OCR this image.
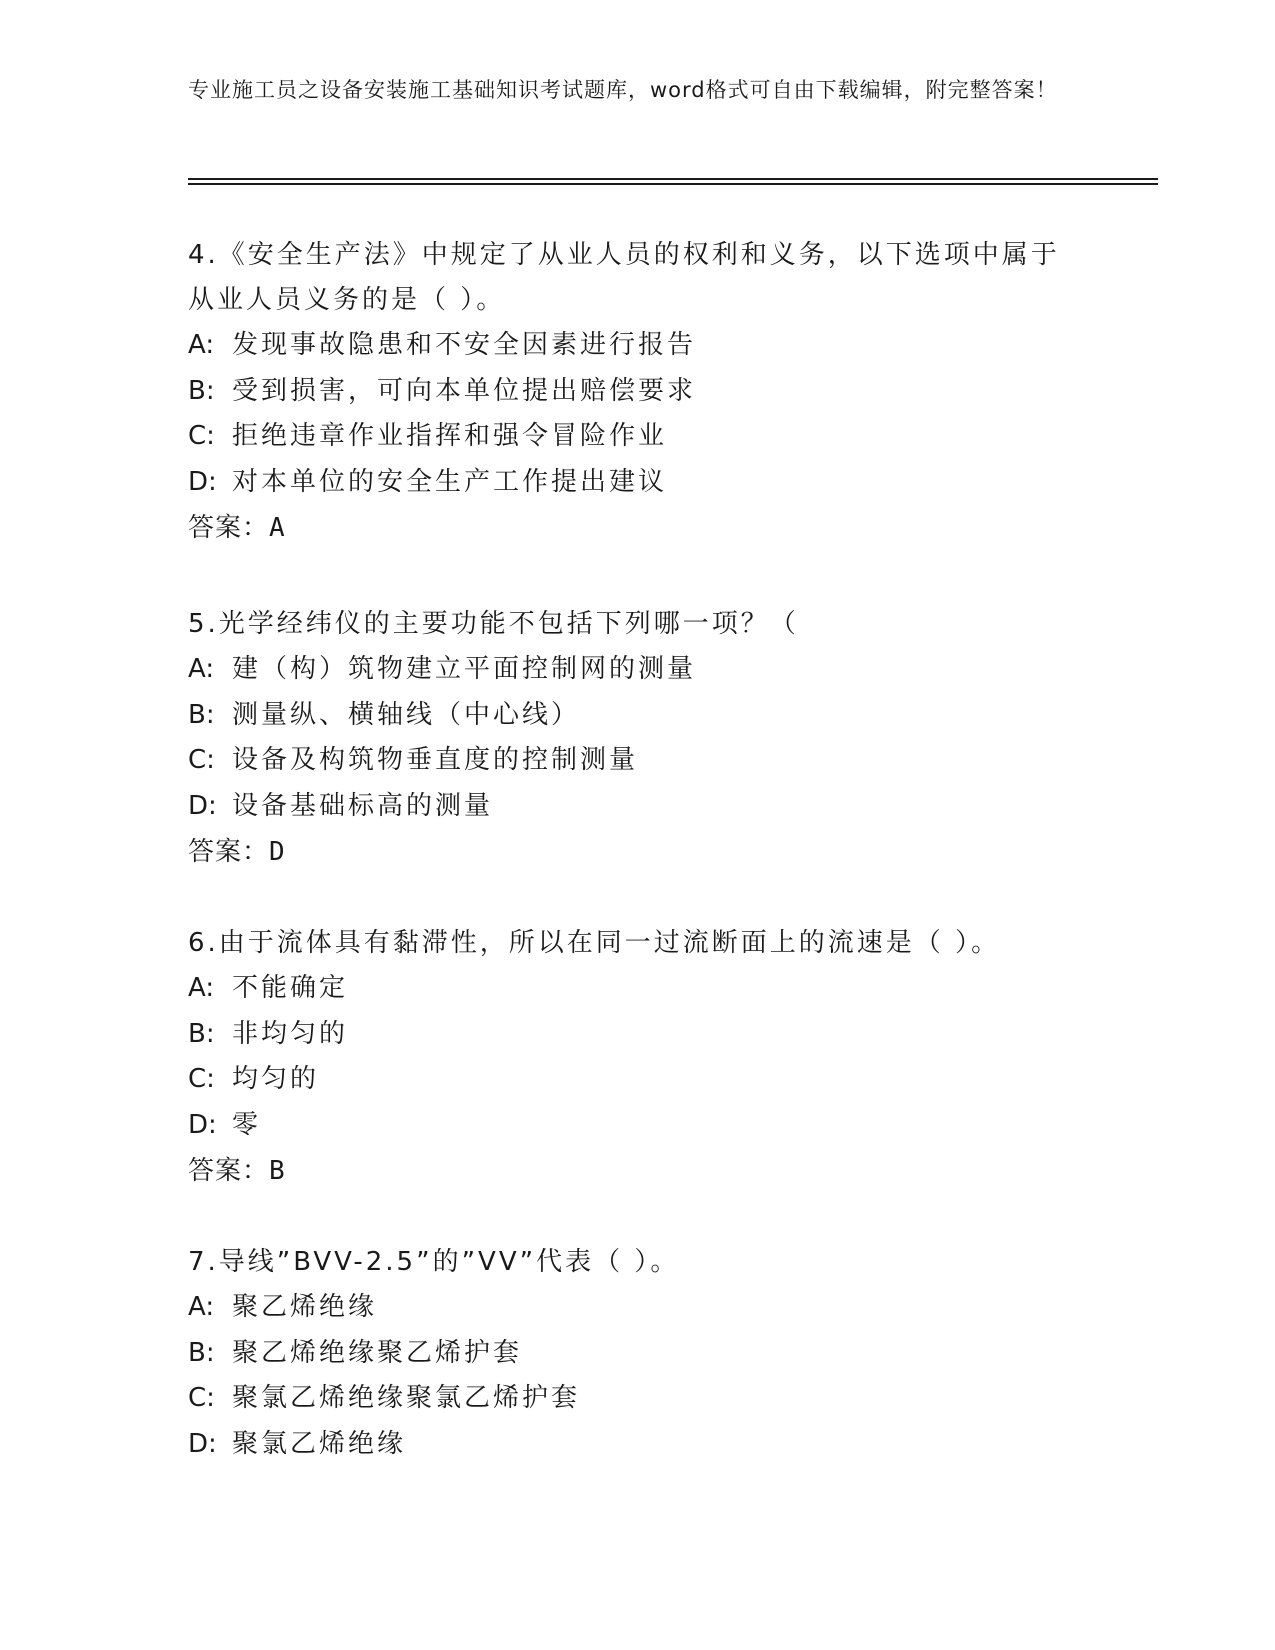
专业施工员之设备安装施工基础知识考试题库，word格式可自由下载编辑，附完整答案！

4.《安全生产法》中规定了从业人员的权利和义务，以下选项中属于从业人员义务的是（ ）。

A: 发现事故隐患和不安全因素进行报告

B: 受到损害，可向本单位提出赔偿要求

C: 拒绝违章作业指挥和强令冒险作业

D: 对本单位的安全生产工作提出建议

答案：A

5.光学经纬仪的主要功能不包括下列哪一项？（

A: 建（构）筑物建立平面控制网的测量

B: 测量纵、横轴线（中心线）

C: 设备及构筑物垂直度的控制测量

D: 设备基础标高的测量

答案：D

6.由于流体具有黏滞性，所以在同一过流断面上的流速是（ ）。

A: 不能确定

B: 非均匀的

C: 均匀的

D: 零

答案：B

7.导线”BVV-2.5”的”VV”代表（ ）。

A: 聚乙烯绝缘

B: 聚乙烯绝缘聚乙烯护套

C: 聚氯乙烯绝缘聚氯乙烯护套

D: 聚氯乙烯绝缘
